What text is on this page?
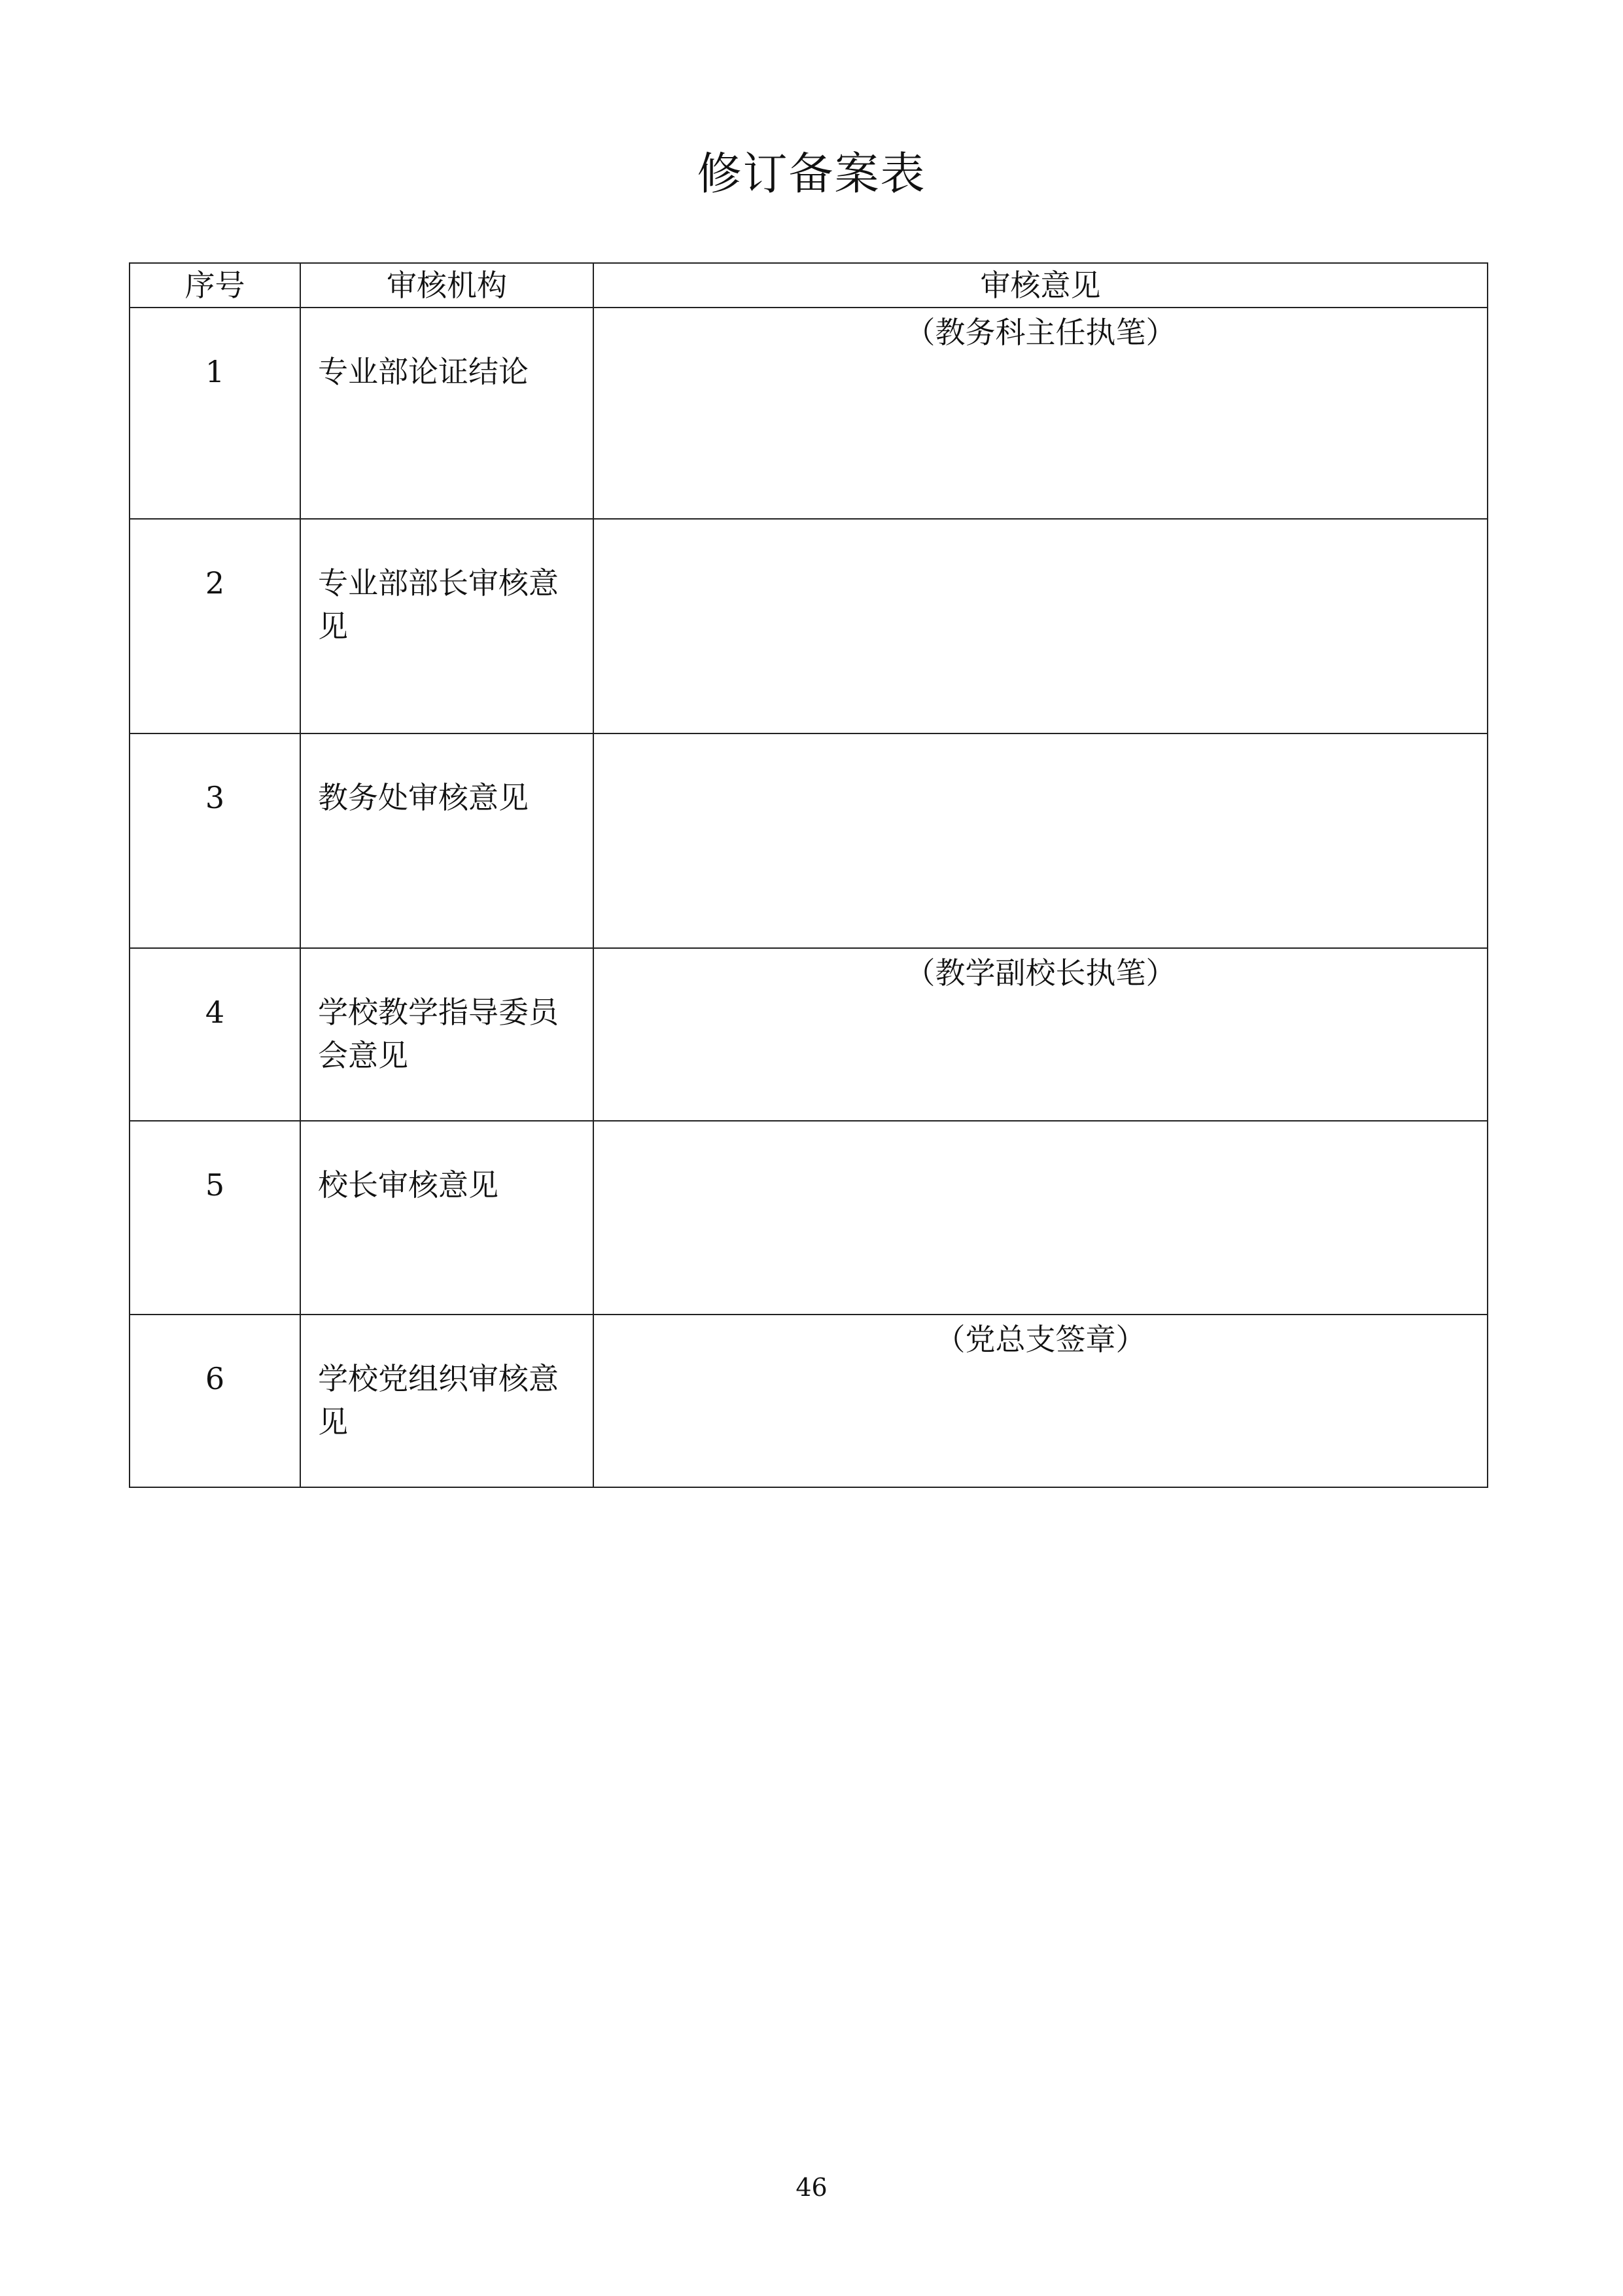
修订备案表
序号	审核机构	审核意见

1	专业部论证结论	（教务科主任执笔）

2	专业部部长审核意见	

3	教务处审核意见	

4	学校教学指导委员会意见	（教学副校长执笔）

5	校长审核意见	

6	学校党组织审核意见	（党总支签章）
46
